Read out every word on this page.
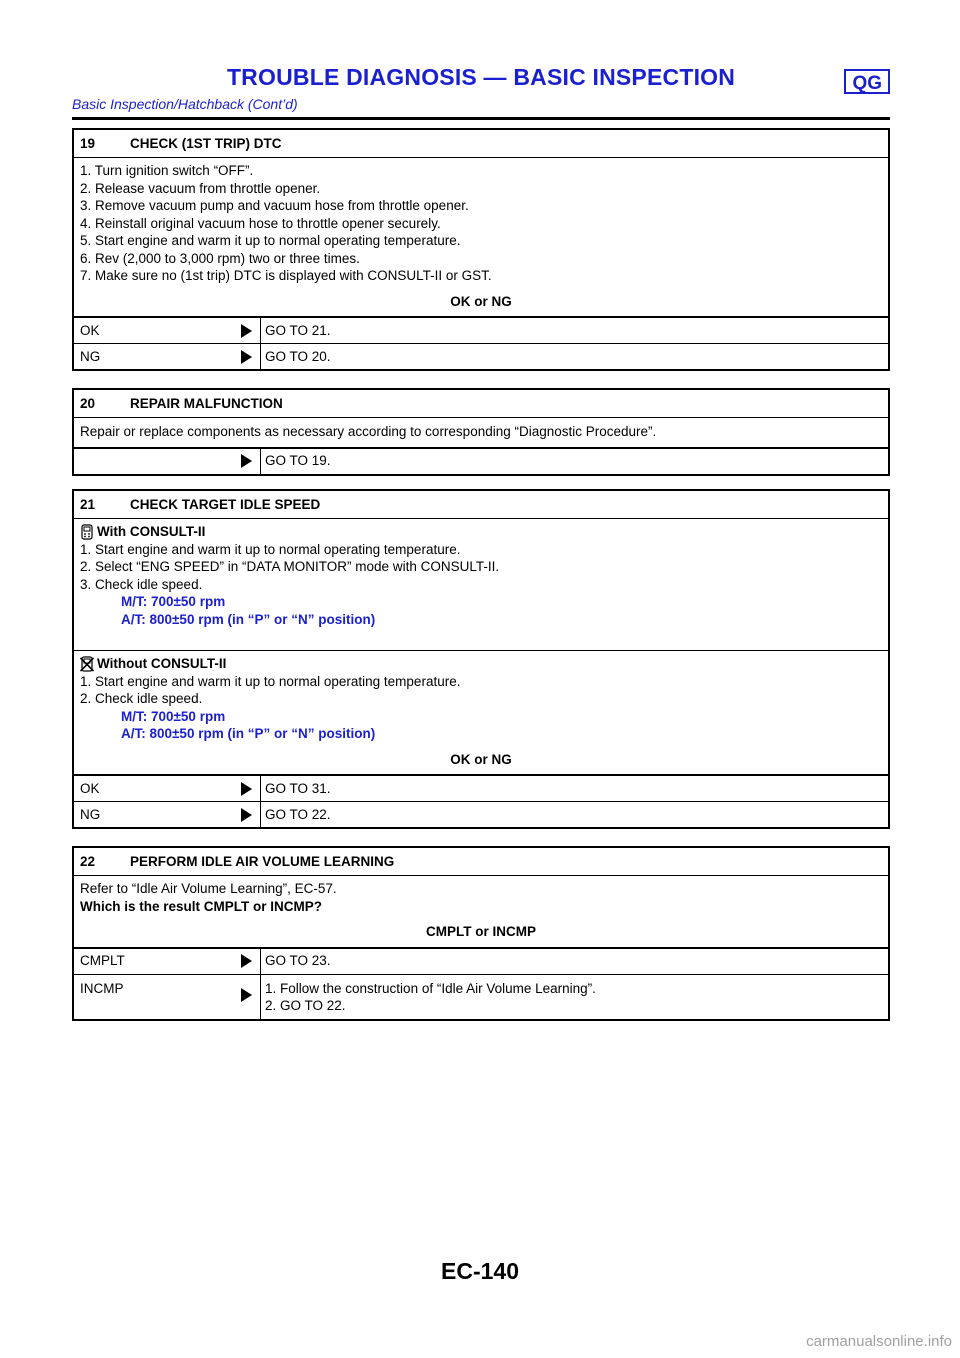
TROUBLE DIAGNOSIS — BASIC INSPECTION	QG
Basic Inspection/Hatchback (Cont’d)
19	CHECK (1ST TRIP) DTC
1. Turn ignition switch “OFF”.
2. Release vacuum from throttle opener.
3. Remove vacuum pump and vacuum hose from throttle opener.
4. Reinstall original vacuum hose to throttle opener securely.
5. Start engine and warm it up to normal operating temperature.
6. Rev (2,000 to 3,000 rpm) two or three times.
7. Make sure no (1st trip) DTC is displayed with CONSULT-II or GST.
OK or NG
OK	GO TO 21.
NG	GO TO 20.
20	REPAIR MALFUNCTION
Repair or replace components as necessary according to corresponding “Diagnostic Procedure”.
GO TO 19.
21	CHECK TARGET IDLE SPEED
With CONSULT-II
1. Start engine and warm it up to normal operating temperature.
2. Select “ENG SPEED” in “DATA MONITOR” mode with CONSULT-II.
3. Check idle speed.
M/T: 700±50 rpm
A/T: 800±50 rpm (in “P” or “N” position)
Without CONSULT-II
1. Start engine and warm it up to normal operating temperature.
2. Check idle speed.
M/T: 700±50 rpm
A/T: 800±50 rpm (in “P” or “N” position)
OK or NG
OK	GO TO 31.
NG	GO TO 22.
22	PERFORM IDLE AIR VOLUME LEARNING
Refer to “Idle Air Volume Learning”, EC-57.
Which is the result CMPLT or INCMP?
CMPLT or INCMP
CMPLT	GO TO 23.
INCMP	1. Follow the construction of “Idle Air Volume Learning”.
2. GO TO 22.
EC-140
carmanualsonline.info
